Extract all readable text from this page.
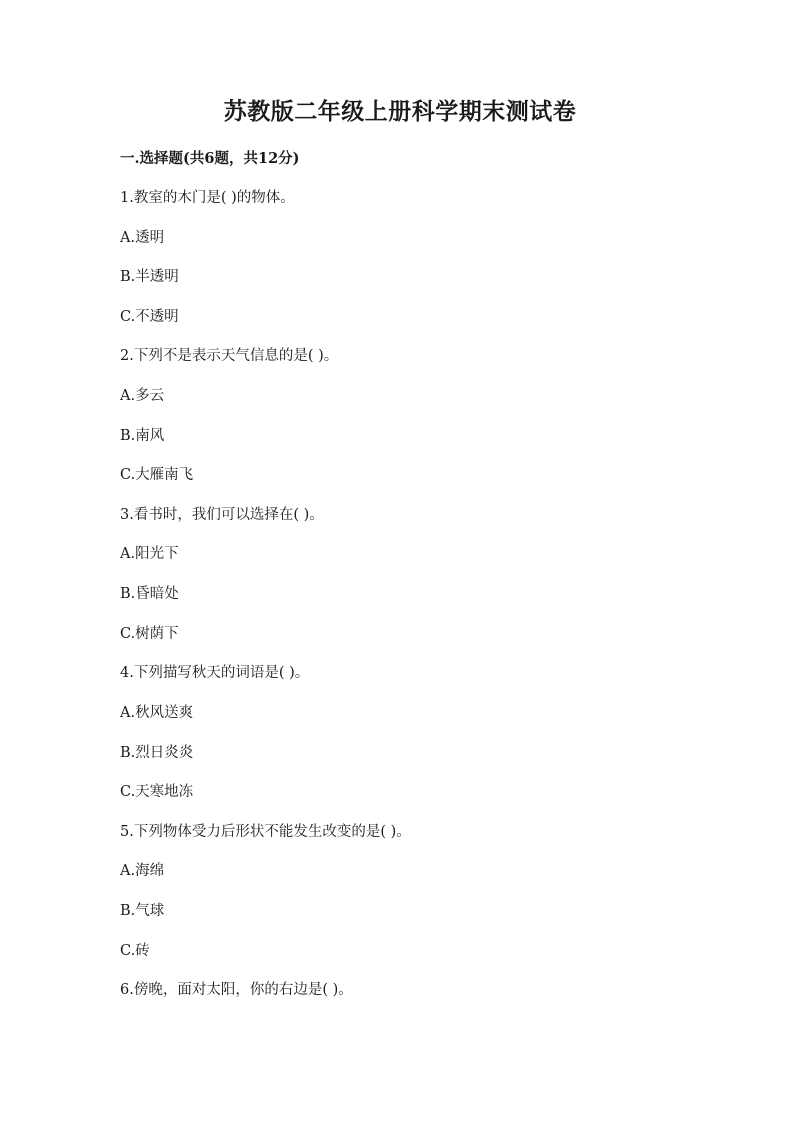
苏教版二年级上册科学期末测试卷
一.选择题(共6题，共12分)
1.教室的木门是( )的物体。
A.透明
B.半透明
C.不透明
2.下列不是表示天气信息的是( )。
A.多云
B.南风
C.大雁南飞
3.看书时，我们可以选择在( )。
A.阳光下
B.昏暗处
C.树荫下
4.下列描写秋天的词语是( )。
A.秋风送爽
B.烈日炎炎
C.天寒地冻
5.下列物体受力后形状不能发生改变的是( )。
A.海绵
B.气球
C.砖
6.傍晚，面对太阳，你的右边是( )。
